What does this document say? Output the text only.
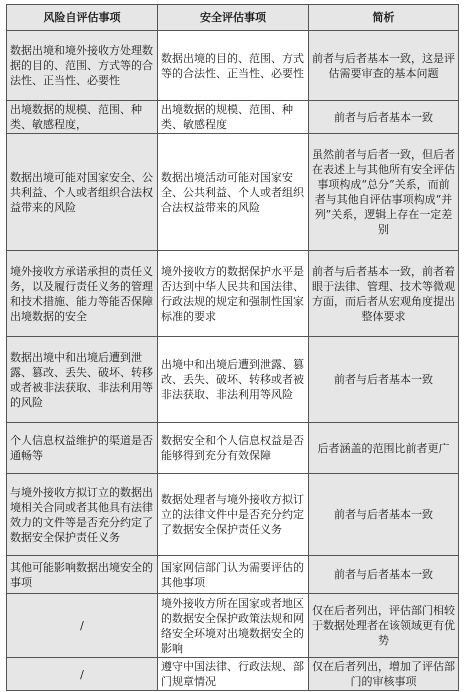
风险自评估事项	安全评估事项	简析
数据出境和境外接收方处理数据的目的、范围、方式等的合法性、正当性、必要性	数据出境的目的、范围、方式等的合法性、正当性、必要性	前者与后者基本一致，这是评估需要审查的基本问题
出境数据的规模、范围、种类、敏感程度，	出境数据的规模、范围、种类、敏感程度	前者与后者基本一致
数据出境可能对国家安全、公共利益、个人或者组织合法权益带来的风险	数据出境活动可能对国家安全、公共利益、个人或者组织合法权益带来的风险	虽然前者与后者一致，但后者在表述上与其他所有安全评估事项构成“总分”关系，而前者与其他自评估事项构成“并列”关系，逻辑上存在一定差别
境外接收方承诺承担的责任义务，以及履行责任义务的管理和技术措施、能力等能否保障出境数据的安全	境外接收方的数据保护水平是否达到中华人民共和国法律、行政法规的规定和强制性国家标准的要求	前者与后者基本一致，前者着眼于法律、管理、技术等微观方面，而后者从宏观角度提出整体要求
数据出境中和出境后遭到泄露、篡改、丢失、破坏、转移或者被非法获取、非法利用等的风险	出境中和出境后遭到泄露、篡改、丢失、破坏、转移或者被非法获取、非法利用等风险	前者与后者基本一致
个人信息权益维护的渠道是否通畅等	数据安全和个人信息权益是否能够得到充分有效保障	后者涵盖的范围比前者更广
与境外接收方拟订立的数据出境相关合同或者其他具有法律效力的文件等是否充分约定了数据安全保护责任义务	数据处理者与境外接收方拟订立的法律文件中是否充分约定了数据安全保护责任义务	前者与后者基本一致
其他可能影响数据出境安全的事项	国家网信部门认为需要评估的其他事项	前者与后者基本一致
/	境外接收方所在国家或者地区的数据安全保护政策法规和网络安全环境对出境数据安全的影响	仅在后者列出，评估部门相较于数据处理者在该领域更有优势
/	遵守中国法律、行政法规、部门规章情况	仅在后者列出，增加了评估部门的审核事项
